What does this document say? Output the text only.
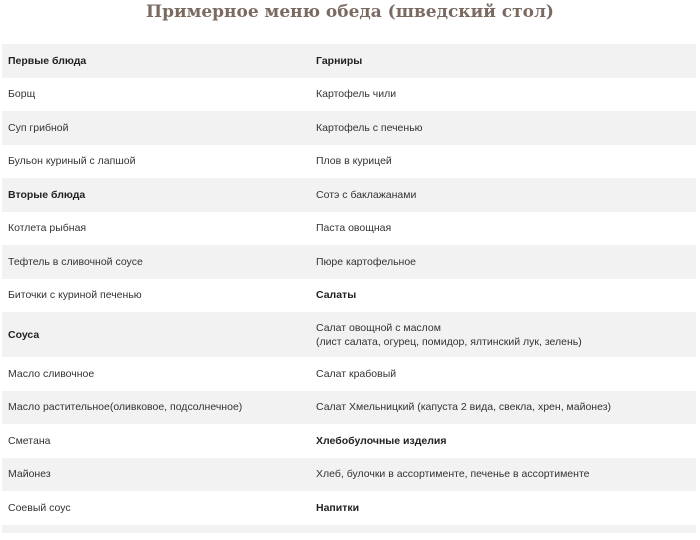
Примерное меню обеда (шведский стол)
Первые блюда	Гарниры
Борщ	Картофель чили
Суп грибной	Картофель с печенью
Бульон куриный с лапшой	Плов в курицей
Вторые блюда	Сотэ с баклажанами
Котлета рыбная	Паста овощная
Тефтель в сливочной соусе	Пюре картофельное
Биточки с куриной печенью	Салаты
Соуса	Салат овощной с маслом
(лист салата, огурец, помидор, ялтинский лук, зелень)

Масло сливочное	Салат крабовый
Масло растительное(оливковое, подсолнечное)	Салат Хмельницкий (капуста 2 вида, свекла, хрен, майонез)
Сметана	Хлебобулочные изделия
Майонез	Хлеб, булочки в ассортименте, печенье в ассортименте
Соевый соус	Напитки
